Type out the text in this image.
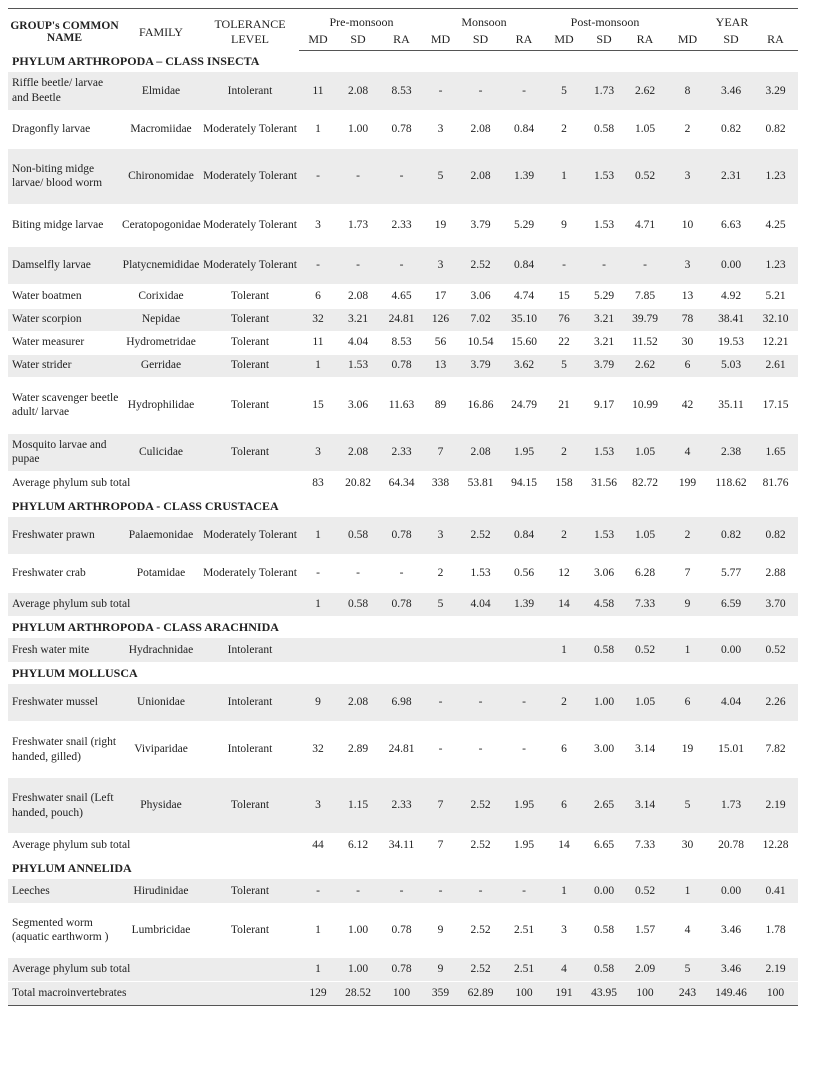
GROUP's COMMON NAME	FAMILY	TOLERANCE LEVEL	Pre-monsoon			Monsoon			Post-monsoon			YEAR		
			MD	SD	RA	MD	SD	RA	MD	SD	RA	MD	SD	RA
PHYLUM ARTHROPODA – CLASS INSECTA														
Riffle beetle/ larvae and Beetle	Elmidae	Intolerant	11	2.08	8.53	-	-	-	5	1.73	2.62	8	3.46	3.29
Dragonfly larvae	Macromiidae	Moderately Tolerant	1	1.00	0.78	3	2.08	0.84	2	0.58	1.05	2	0.82	0.82
Non-biting midge larvae/ blood worm	Chironomidae	Moderately Tolerant	-	-	-	5	2.08	1.39	1	1.53	0.52	3	2.31	1.23
Biting midge larvae	Ceratopogonidae	Moderately Tolerant	3	1.73	2.33	19	3.79	5.29	9	1.53	4.71	10	6.63	4.25
Damselfly larvae	Platycnemididae	Moderately Tolerant	-	-	-	3	2.52	0.84	-	-	-	3	0.00	1.23
Water boatmen	Corixidae	Tolerant	6	2.08	4.65	17	3.06	4.74	15	5.29	7.85	13	4.92	5.21
Water scorpion	Nepidae	Tolerant	32	3.21	24.81	126	7.02	35.10	76	3.21	39.79	78	38.41	32.10
Water measurer	Hydrometridae	Tolerant	11	4.04	8.53	56	10.54	15.60	22	3.21	11.52	30	19.53	12.21
Water strider	Gerridae	Tolerant	1	1.53	0.78	13	3.79	3.62	5	3.79	2.62	6	5.03	2.61
Water scavenger beetle adult/ larvae	Hydrophilidae	Tolerant	15	3.06	11.63	89	16.86	24.79	21	9.17	10.99	42	35.11	17.15
Mosquito larvae and pupae	Culicidae	Tolerant	3	2.08	2.33	7	2.08	1.95	2	1.53	1.05	4	2.38	1.65
Average phylum sub total			83	20.82	64.34	338	53.81	94.15	158	31.56	82.72	199	118.62	81.76
PHYLUM ARTHROPODA - CLASS CRUSTACEA														
Freshwater prawn	Palaemonidae	Moderately Tolerant	1	0.58	0.78	3	2.52	0.84	2	1.53	1.05	2	0.82	0.82
Freshwater crab	Potamidae	Moderately Tolerant	-	-	-	2	1.53	0.56	12	3.06	6.28	7	5.77	2.88
Average phylum sub total			1	0.58	0.78	5	4.04	1.39	14	4.58	7.33	9	6.59	3.70
PHYLUM ARTHROPODA - CLASS ARACHNIDA														
Fresh water mite	Hydrachnidae	Intolerant							1	0.58	0.52	1	0.00	0.52
PHYLUM MOLLUSCA														
Freshwater mussel	Unionidae	Intolerant	9	2.08	6.98	-	-	-	2	1.00	1.05	6	4.04	2.26
Freshwater snail (right handed, gilled)	Viviparidae	Intolerant	32	2.89	24.81	-	-	-	6	3.00	3.14	19	15.01	7.82
Freshwater snail (Left handed, pouch)	Physidae	Tolerant	3	1.15	2.33	7	2.52	1.95	6	2.65	3.14	5	1.73	2.19
Average phylum sub total			44	6.12	34.11	7	2.52	1.95	14	6.65	7.33	30	20.78	12.28
PHYLUM ANNELIDA														
Leeches	Hirudinidae	Tolerant	-	-	-	-	-	-	1	0.00	0.52	1	0.00	0.41
Segmented worm (aquatic earthworm )	Lumbricidae	Tolerant	1	1.00	0.78	9	2.52	2.51	3	0.58	1.57	4	3.46	1.78
Average phylum sub total			1	1.00	0.78	9	2.52	2.51	4	0.58	2.09	5	3.46	2.19
Total macroinvertebrates			129	28.52	100	359	62.89	100	191	43.95	100	243	149.46	100
